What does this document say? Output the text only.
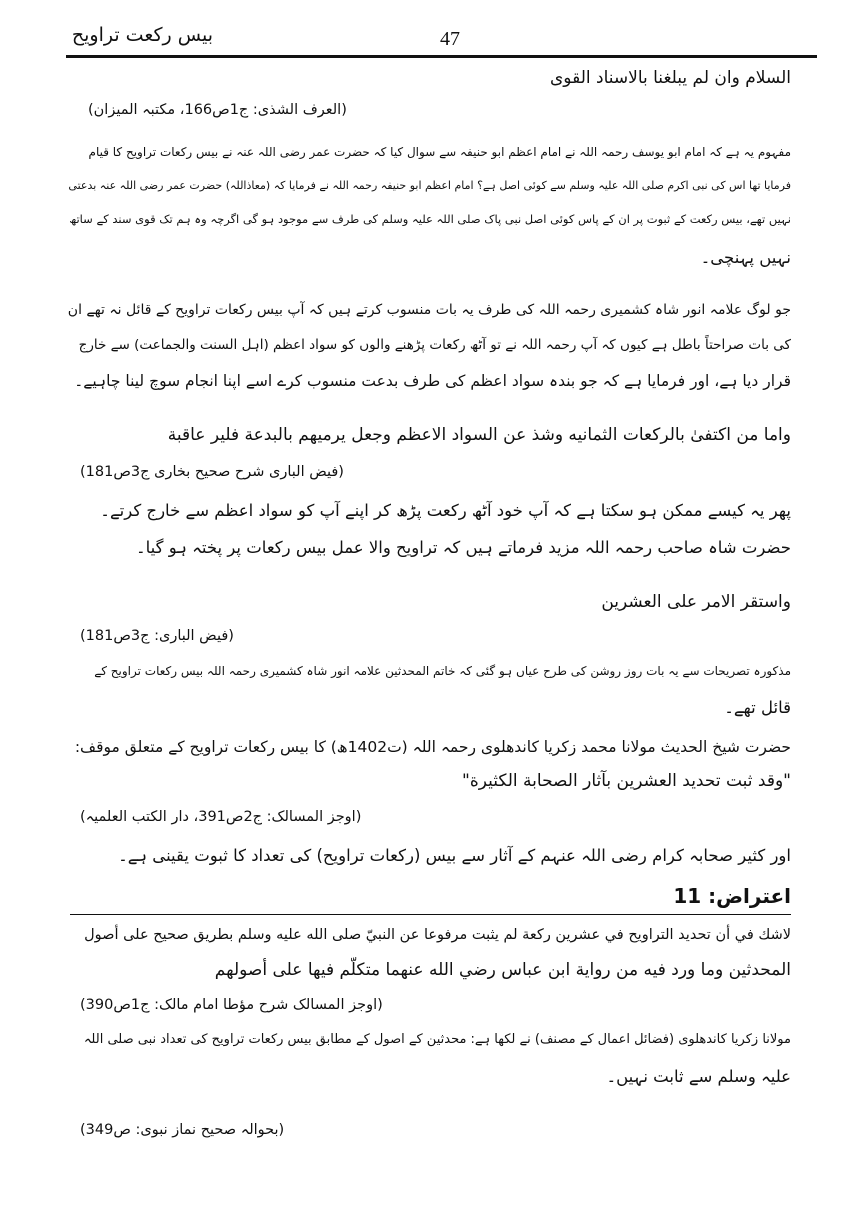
بیس رکعت تراویح	47
السلام وان لم يبلغنا بالاسناد القوى
(العرف الشذی: ج1ص166، مکتبہ المیزان)
مفہوم یہ ہے کہ امام ابو یوسف رحمہ اللہ نے امام اعظم ابو حنیفہ سے سوال کیا کہ حضرت عمر رضی اللہ عنہ نے بیس رکعات تراویح کا قیام
فرمایا تھا اس کی نبی اکرم صلی اللہ علیہ وسلم سے کوئی اصل ہے؟ امام اعظم ابو حنیفہ رحمہ اللہ نے فرمایا کہ (معاذاللہ) حضرت عمر رضی اللہ عنہ بدعتی
نہیں تھے، بیس رکعت کے ثبوت پر ان کے پاس کوئی اصل نبی پاک صلی اللہ علیہ وسلم کی طرف سے موجود ہو گی اگرچہ وہ ہم تک قوی سند کے ساتھ
نہیں پہنچی۔
جو لوگ علامہ انور شاہ کشمیری رحمہ اللہ کی طرف یہ بات منسوب کرتے ہیں کہ آپ بیس رکعات تراویح کے قائل نہ تھے ان
کی بات صراحتاً باطل ہے کیوں کہ آپ رحمہ اللہ نے تو آٹھ رکعات پڑھنے والوں کو سواد اعظم (اہل السنت والجماعت) سے خارج
قرار دیا ہے، اور فرمایا ہے کہ جو بندہ سواد اعظم کی طرف بدعت منسوب کرے اسے اپنا انجام سوچ لینا چاہیے۔
واما من اکتفیٰ بالرکعات الثمانیه وشذ عن السواد الاعظم وجعل یرمیهم بالبدعة فلیر عاقبة
(فیض الباری شرح صحیح بخاری ج3ص181)
پھر یہ کیسے ممکن ہو سکتا ہے کہ آپ خود آٹھ رکعت پڑھ کر اپنے آپ کو سواد اعظم سے خارج کرتے۔
حضرت شاہ صاحب رحمہ اللہ مزید فرماتے ہیں کہ تراویح والا عمل بیس رکعات پر پختہ ہو گیا۔
واستقر الامر علی العشرین
(فیض الباری: ج3ص181)
مذکورہ تصریحات سے یہ بات روز روشن کی طرح عیاں ہو گئی کہ خاتم المحدثین علامہ انور شاہ کشمیری رحمہ اللہ بیس رکعات تراویح کے
قائل تھے۔
حضرت شیخ الحدیث مولانا محمد زکریا کاندھلوی رحمہ اللہ (ت1402ھ) کا بیس رکعات تراویح کے متعلق موقف:
"وقد ثبت تحديد العشرين بآثار الصحابة الكثيرة"
(اوجز المسالک: ج2ص391، دار الکتب العلمیہ)
اور کثیر صحابہ کرام رضی اللہ عنہم کے آثار سے بیس (رکعات تراویح) کی تعداد کا ثبوت یقینی ہے۔
اعتراض: 11
لاشك في أن تحديد التراويح في عشرين ركعة لم يثبت مرفوعا عن النبيّ صلى الله عليه وسلم بطريق صحيح على أصول
المحدثين وما ورد فيه من رواية ابن عباس رضي الله عنهما متكلّم فيها على أصولهم
(اوجز المسالک شرح مؤطا امام مالک: ج1ص390)
مولانا زکریا کاندھلوی (فضائل اعمال کے مصنف) نے لکھا ہے: محدثین کے اصول کے مطابق بیس رکعات تراویح کی تعداد نبی صلی اللہ
علیہ وسلم سے ثابت نہیں۔
(بحوالہ صحیح نماز نبوی: ص349)
